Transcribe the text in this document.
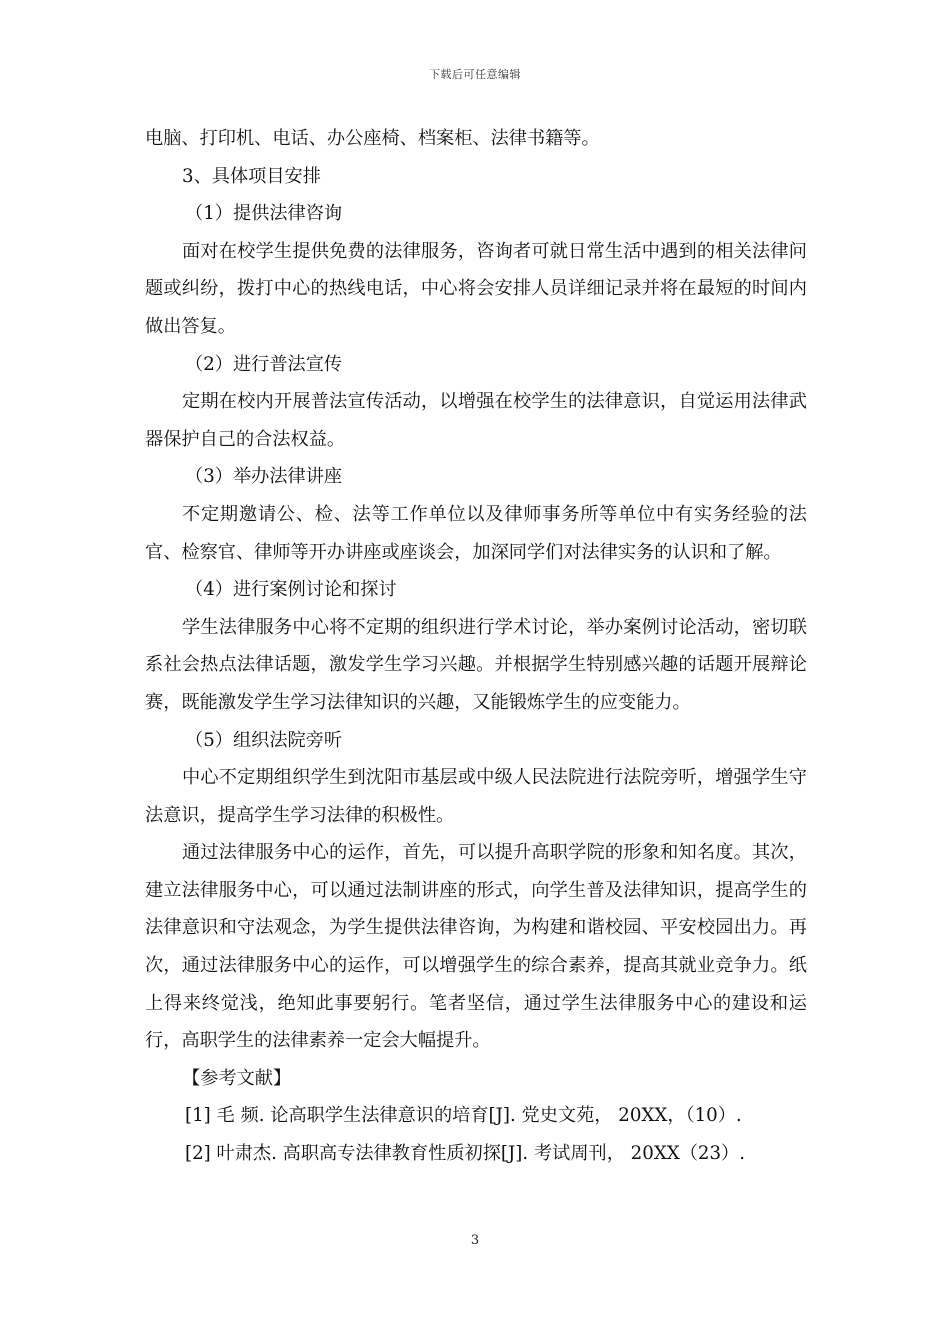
下载后可任意编辑

电脑、打印机、电话、办公座椅、档案柜、法律书籍等。

3、具体项目安排

（1）提供法律咨询

面对在校学生提供免费的法律服务，咨询者可就日常生活中遇到的相关法律问题或纠纷，拨打中心的热线电话，中心将会安排人员详细记录并将在最短的时间内做出答复。

（2）进行普法宣传

定期在校内开展普法宣传活动，以增强在校学生的法律意识，自觉运用法律武器保护自己的合法权益。

（3）举办法律讲座

不定期邀请公、检、法等工作单位以及律师事务所等单位中有实务经验的法官、检察官、律师等开办讲座或座谈会，加深同学们对法律实务的认识和了解。

（4）进行案例讨论和探讨

学生法律服务中心将不定期的组织进行学术讨论，举办案例讨论活动，密切联系社会热点法律话题，激发学生学习兴趣。并根据学生特别感兴趣的话题开展辩论赛，既能激发学生学习法律知识的兴趣，又能锻炼学生的应变能力。

（5）组织法院旁听

中心不定期组织学生到沈阳市基层或中级人民法院进行法院旁听，增强学生守法意识，提高学生学习法律的积极性。

通过法律服务中心的运作，首先，可以提升高职学院的形象和知名度。其次，建立法律服务中心，可以通过法制讲座的形式，向学生普及法律知识，提高学生的法律意识和守法观念，为学生提供法律咨询，为构建和谐校园、平安校园出力。再次，通过法律服务中心的运作，可以增强学生的综合素养，提高其就业竞争力。纸上得来终觉浅，绝知此事要躬行。笔者坚信，通过学生法律服务中心的建设和运行，高职学生的法律素养一定会大幅提升。

【参考文献】

[1] 毛 频. 论高职学生法律意识的培育[J]. 党史文苑， 20XX，（10）.

[2] 叶肃杰. 高职高专法律教育性质初探[J]. 考试周刊， 20XX（23）.

3
